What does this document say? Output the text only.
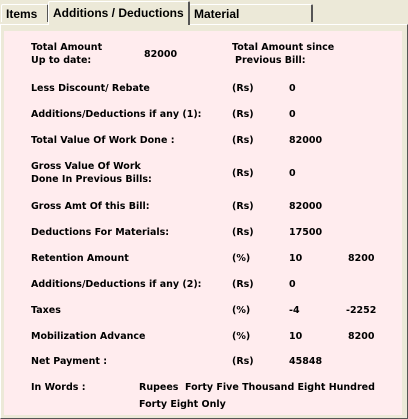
Items	Additions / Deductions Material
Total Amount
Up to date:
82000
Total Amount since
Previous Bill:
Less Discount/ Rebate	(Rs)	0
Additions/Deductions if any (1):	(Rs)	0
Total Value Of Work Done :	(Rs)	82000
Gross Value Of Work
Done In Previous Bills:
(Rs)	0
Gross Amt Of this Bill:	(Rs)	82000
Deductions For Materials:	(Rs)	17500
Retention Amount	(%)	10	8200
Additions/Deductions if any (2):	(Rs)	0
Taxes	(%)	-4	-2252
Mobilization Advance	(%)	10	8200
Net Payment :	(Rs)	45848
In Words :	Rupees  Forty Five Thousand Eight Hundred
Forty Eight Only
